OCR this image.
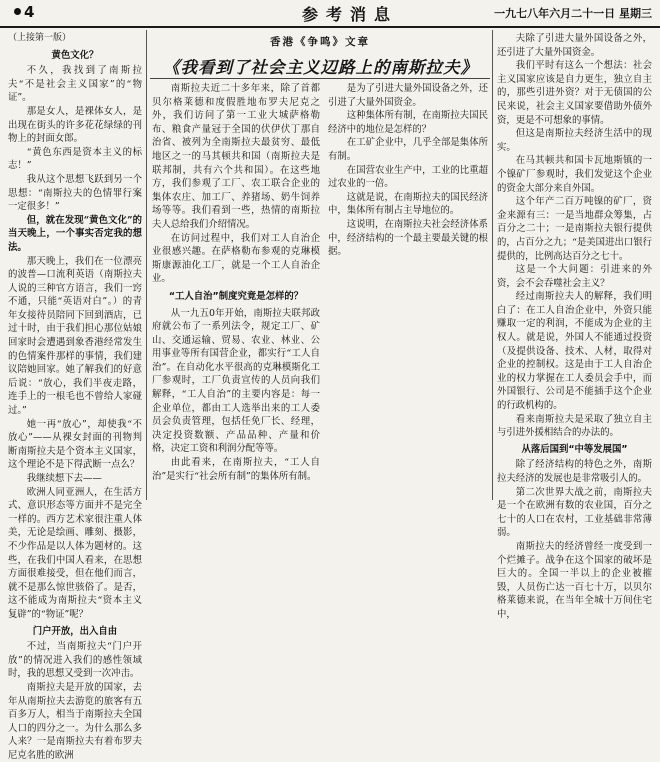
4	参考消息	一九七八年六月二十一日 星期三

（上接第一版）

黄色文化？

不久，我找到了南斯拉夫“不是社会主义国家”的“物证”。

那是女人，是裸体女人，是出现在街头的许多花花绿绿的刊物上的封面女郎。

“黄色东西是资本主义的标志！”

我从这个思想飞跃到另一个思想：“南斯拉夫的色情罪行案一定很多！”

但，就在发现“黄色文化”的当天晚上，一个事实否定我的想法。

那天晚上，我们在一位漂亮的波普—口流利英语（南斯拉夫人说的三种官方语言，我们一窍不通，只能“英语对白”。）的青年女接待员陪同下回到酒店，已过十时，由于我们担心那位姑娘回家时会遭遇到象香港经常发生的色情案件那样的事情，我们建议陪她回家。她了解我们的好意后说：“放心，我们半夜走路，连手上的一根毛也不曾给人家碰过。”

她一再“放心”，却使我“不放心”——从裸女封面的刊物判断南斯拉夫是个资本主义国家，这个理论不是下得武断一点么？

我继续想下去——

欧洲人同亚洲人，在生活方式、意识形态等方面并不是完全一样的。西方艺术家很注重人体美，无论是绘画、雕刻、摄影，不少作品是以人体为题材的。这些，在我们中国人看来，在思想方面很难接受，但在他们而言，就不是那么惊世骇俗了。是否，这不能成为南斯拉夫“资本主义复辟”的“物证”呢？

门户开放，出入自由

不过，当南斯拉夫“门户开放”的情况进入我们的感性领域时，我的思想又受到一次冲击。

南斯拉夫是开放的国家，去年从南斯拉夫去游览的旅客有五百多万人，相当于南斯拉夫全国人口的四分之一。为什么那么多人来？一是南斯拉夫有着布罗夫尼克名胜的欧洲

香港《争鸣》文章
《我看到了社会主义辺路上的南斯拉夫》

南斯拉夫近二十多年来，除了首都贝尔格莱德和度假胜地布罗夫尼克之外，我们访问了第一工业大城萨格勒布、粮食产量冠于全国的伏伊伏丁那自治省、被列为全南斯拉夫最贫穷、最低地区之一的马其顿共和国（南斯拉夫是联邦制，共有六个共和国）。在这些地方，我们参观了工厂、农工联合企业的集体农庄、加工厂、养猪场、奶牛饲养场等等。我们看到一些，热情的南斯拉夫人总给我们介绍情况。

在访问过程中，我们对工人自治企业很感兴趣。在萨格勒布参观的克琳模斯康源油化工厂，就是一个工人自治企业。

“工人自治”制度究竟是怎样的？

从一九五0年开始，南斯拉夫联邦政府就公布了一系列法令，规定工厂、矿山、交通运输、贸易、农业、林业、公用事业等所有国营企业，都实行“工人自治”。在自动化水平很高的克琳模斯化工厂参观时，工厂负责宣传的人员向我们解释，“工人自治”的主要内容是：每一企业单位，都由工人选举出来的工人委员会负责管理，包括任免厂长、经理，决定投资数额、产品品种、产量和价格，决定工资和利润分配等等。

由此看来，在南斯拉夫，“工人自治”是实行“社会所有制”的集体所有制。

是为了引进大量外国设备之外，还引进了大量外国资金。

这种集体所有制，在南斯拉夫国民经济中的地位是怎样的？

在工矿企业中，几乎全部是集体所有制。

在国营农业生产中，工业的比重超过农业的一倍。

这就是说，在南斯拉夫的国民经济中，集体所有制占主导地位的。

这说明，在南斯拉夫社会经济体系中，经济结构的一个最主要最关键的根据。

夫除了引进大量外国设备之外，还引进了大量外国资金。

我们平时有这么一个想法：社会主义国家应该是自力更生，独立自主的，那些引进外资？对于无债国的公民来说，社会主义国家要借助外债外资，更是不可想象的事情。

但这是南斯拉夫经济生活中的现实。

在马其顿共和国卡瓦地斯镇的一个镍矿厂参观时，我们发觉这个企业的资金大部分来自外国。

这个年产二百万吨镍的矿厂，资金来源有三：一是当地群众筹集，占百分之二十；一是南斯拉夫银行提供的，占百分之九；“是美国进出口银行提供的，比例高达百分之七十。

这是一个大问题：引进来的外资，会不会吞噬社会主义？

经过南斯拉夫人的解释，我们明白了：在工人自治企业中，外资只能赚取一定的利润，不能成为企业的主权人。就是说，外国人不能通过投资（及提供设备、技术、人材，取得对企业的控制权。这是由于工人自治企业的权力掌握在工人委员会手中，而外国银行、公司是不能插手这个企业的行政机构的。

看来南斯拉夫是采取了独立自主与引进外援相结合的办法的。

从落后国到“中等发展国”

除了经济结构的特色之外，南斯拉夫经济的发展也是非常吸引人的。

第二次世界大战之前，南斯拉夫是一个在欧洲有数的农业国，百分之七十的人口在农村，工业基础非常薄弱。

南斯拉夫的经济曾经一度受到一个烂摊子。战争在这个国家的破坏是巨大的。全国一半以上的企业被摧毁，人员伤亡达一百七十万，以贝尔格莱德来说，在当年全城十万间住宅中，
